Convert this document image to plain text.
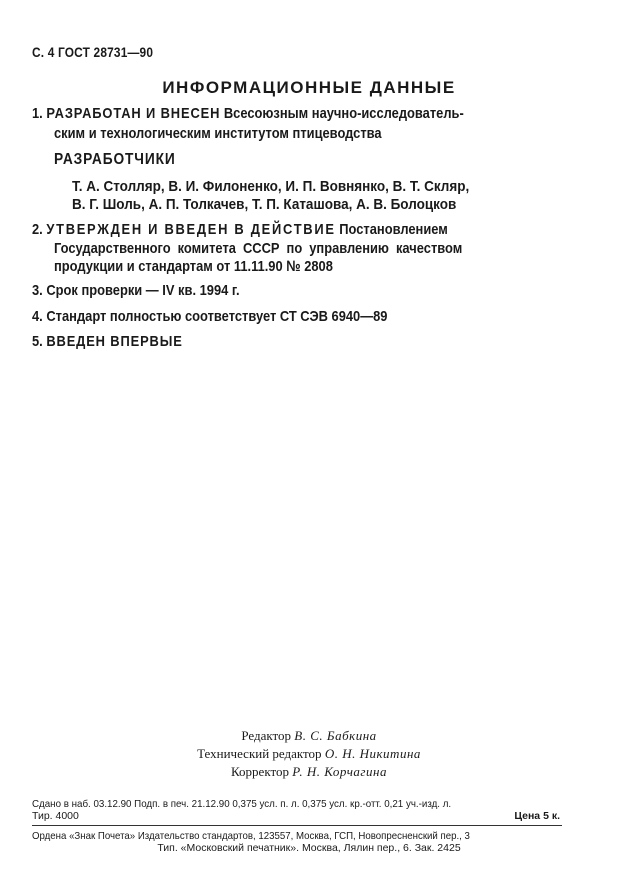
С. 4 ГОСТ 28731—90
ИНФОРМАЦИОННЫЕ ДАННЫЕ
1. РАЗРАБОТАН И ВНЕСЕН Всесоюзным научно-исследователь-
ским и технологическим институтом птицеводства
РАЗРАБОТЧИКИ
Т. А. Столляр, В. И. Филоненко, И. П. Вовнянко, В. Т. Скляр,
В. Г. Шоль, А. П. Толкачев, Т. П. Каташова, А. В. Болоцков
2. УТВЕРЖДЕН И ВВЕДЕН В ДЕЙСТВИЕ Постановлением
Государственного комитета СССР по управлению качеством
продукции и стандартам от 11.11.90 № 2808
3. Срок проверки — IV кв. 1994 г.
4. Стандарт полностью соответствует СТ СЭВ 6940—89
5. ВВЕДЕН ВПЕРВЫЕ
Редактор В. С. Бабкина
Технический редактор О. Н. Никитина
Корректор Р. Н. Корчагина
Сдано в наб. 03.12.90 Подп. в печ. 21.12.90 0,375 усл. п. л. 0,375 усл. кр.-отт. 0,21 уч.-изд. л.
Тир. 4000	Цена 5 к.
Ордена «Знак Почета» Издательство стандартов, 123557, Москва, ГСП, Новопресненский пер., 3
Тип. «Московский печатник». Москва, Лялин пер., 6. Зак. 2425
